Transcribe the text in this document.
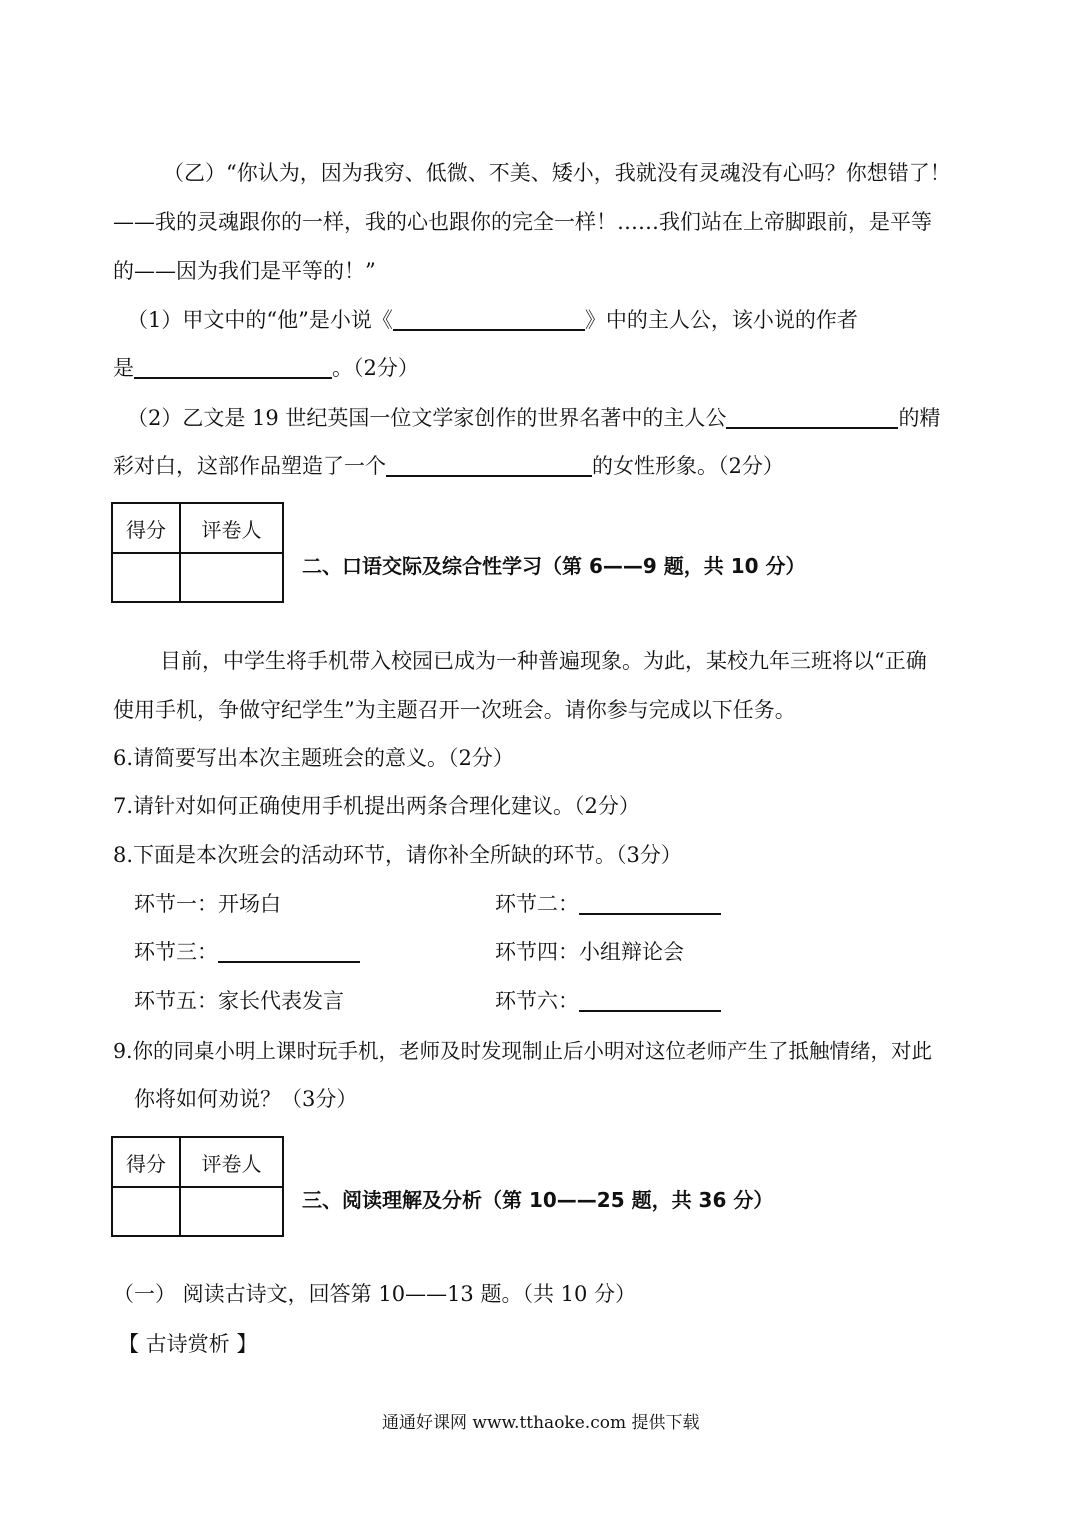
（乙）“你认为，因为我穷、低微、不美、矮小，我就没有灵魂没有心吗？你想错了！
——我的灵魂跟你的一样，我的心也跟你的完全一样！……我们站在上帝脚跟前，是平等
的——因为我们是平等的！”
（1）甲文中的“他”是小说《	》中的主人公，该小说的作者
是	。（2分）
（2）乙文是 19 世纪英国一位文学家创作的世界名著中的主人公	的精
彩对白，这部作品塑造了一个	的女性形象。（2分）
得分	评卷人

二、口语交际及综合性学习（第 6——9 题，共 10 分）
目前，中学生将手机带入校园已成为一种普遍现象。为此，某校九年三班将以“正确
使用手机，争做守纪学生”为主题召开一次班会。请你参与完成以下任务。
6.请简要写出本次主题班会的意义。（2分）
7.请针对如何正确使用手机提出两条合理化建议。（2分）
8.下面是本次班会的活动环节，请你补全所缺的环节。（3分）
环节一：开场白	环节二：
环节三：	环节四：小组辩论会
环节五：家长代表发言	环节六：
9.你的同桌小明上课时玩手机，老师及时发现制止后小明对这位老师产生了抵触情绪，对此
你将如何劝说？（3分）
得分	评卷人

三、阅读理解及分析（第 10——25 题，共 36 分）
（一） 阅读古诗文，回答第 10——13 题。（共 10 分）
【 古诗赏析 】
通通好课网 www.tthaoke.com 提供下载
